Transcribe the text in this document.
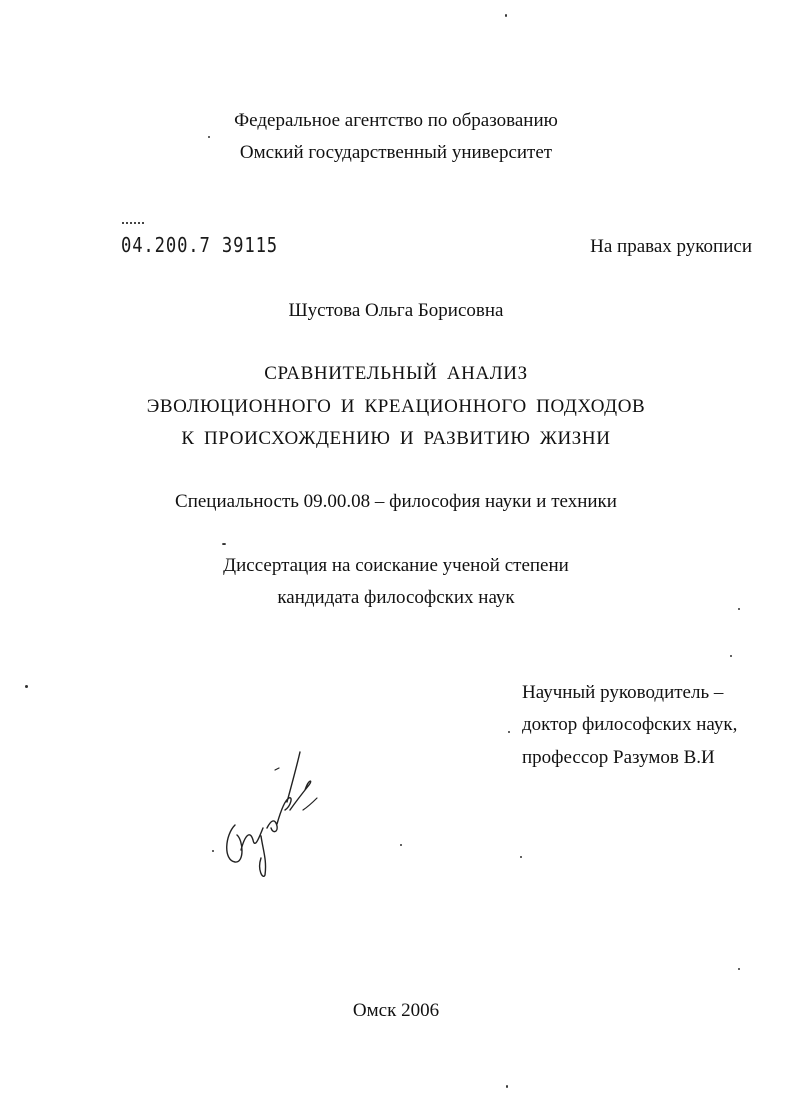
Федеральное агентство по образованию
Омский государственный университет
04.200.7 39115	На правах рукописи
Шустова Ольга Борисовна
СРАВНИТЕЛЬНЫЙ АНАЛИЗ
ЭВОЛЮЦИОННОГО И КРЕАЦИОННОГО ПОДХОДОВ
К ПРОИСХОЖДЕНИЮ И РАЗВИТИЮ ЖИЗНИ
Специальность 09.00.08 – философия науки и техники
Диссертация на соискание ученой степени
кандидата философских наук
Научный руководитель –
доктор философских наук,
профессор Разумов В.И
Омск 2006
